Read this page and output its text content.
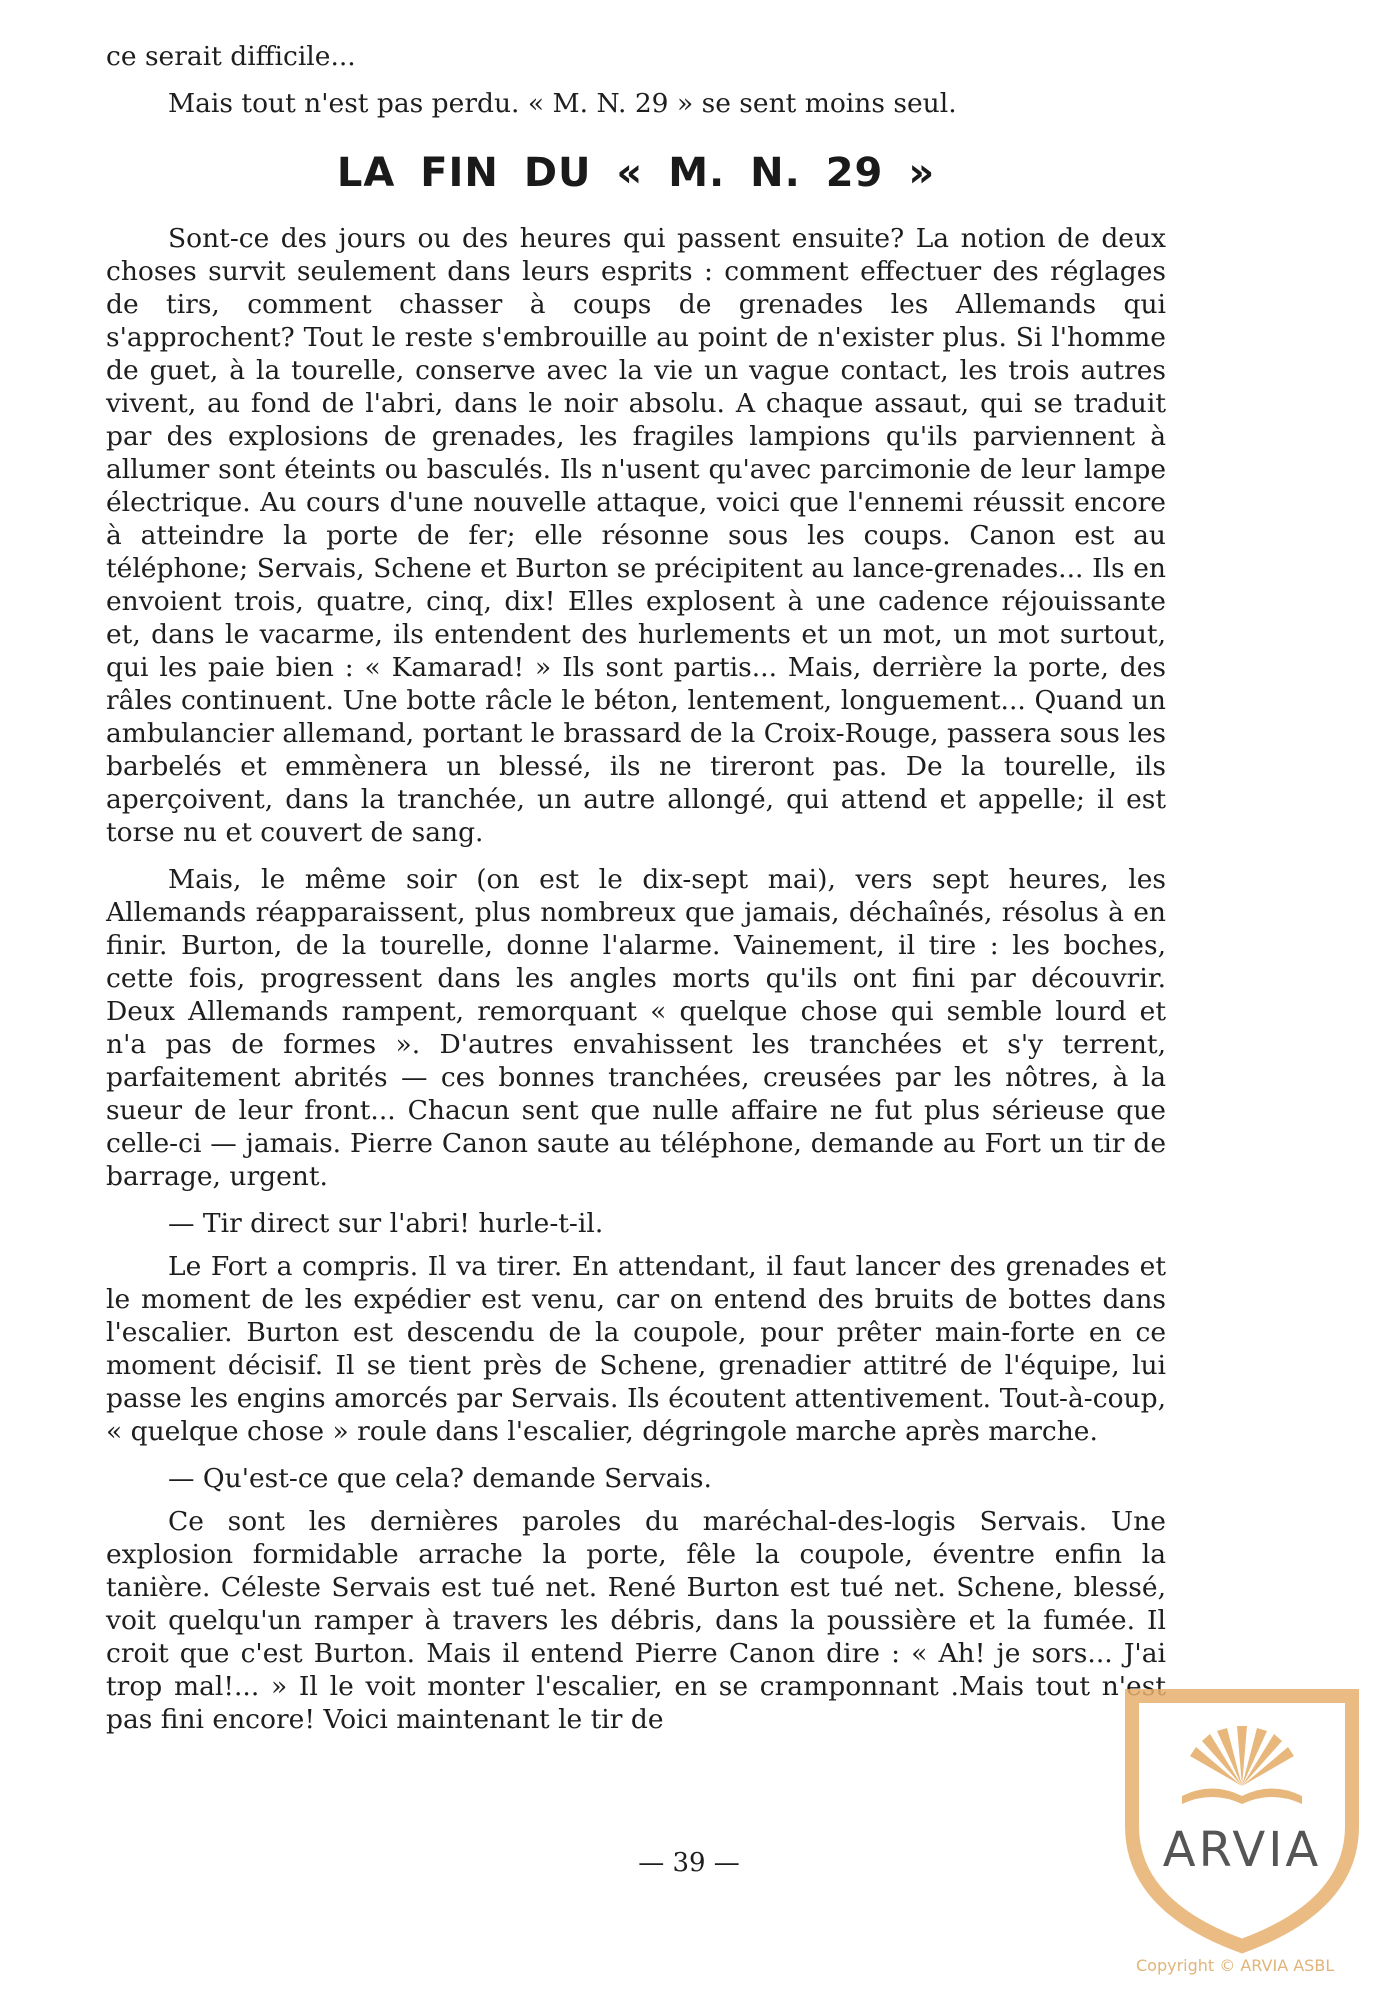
ce serait difficile...

Mais tout n'est pas perdu. « M. N. 29 » se sent moins seul.

LA FIN DU « M. N. 29 »

Sont-ce des jours ou des heures qui passent ensuite? La notion de deux choses survit seulement dans leurs esprits : comment effectuer des réglages de tirs, comment chasser à coups de grenades les Allemands qui s'approchent? Tout le reste s'embrouille au point de n'exister plus. Si l'homme de guet, à la tourelle, conserve avec la vie un vague contact, les trois autres vivent, au fond de l'abri, dans le noir absolu. A chaque assaut, qui se traduit par des explosions de grenades, les fragiles lampions qu'ils parviennent à allumer sont éteints ou basculés. Ils n'usent qu'avec parcimonie de leur lampe électrique. Au cours d'une nouvelle attaque, voici que l'ennemi réussit encore à atteindre la porte de fer; elle résonne sous les coups. Canon est au téléphone; Servais, Schene et Burton se précipitent au lance-grenades... Ils en envoient trois, quatre, cinq, dix! Elles explosent à une cadence réjouissante et, dans le vacarme, ils entendent des hurlements et un mot, un mot surtout, qui les paie bien : « Kamarad! » Ils sont partis... Mais, derrière la porte, des râles continuent. Une botte râcle le béton, lentement, longuement... Quand un ambulancier allemand, portant le brassard de la Croix-Rouge, passera sous les barbelés et emmènera un blessé, ils ne tireront pas. De la tourelle, ils aperçoivent, dans la tranchée, un autre allongé, qui attend et appelle; il est torse nu et couvert de sang.

Mais, le même soir (on est le dix-sept mai), vers sept heures, les Allemands réapparaissent, plus nombreux que jamais, déchaînés, résolus à en finir. Burton, de la tourelle, donne l'alarme. Vainement, il tire : les boches, cette fois, progressent dans les angles morts qu'ils ont fini par découvrir. Deux Allemands rampent, remorquant « quelque chose qui semble lourd et n'a pas de formes ». D'autres envahissent les tranchées et s'y terrent, parfaitement abrités — ces bonnes tranchées, creusées par les nôtres, à la sueur de leur front... Chacun sent que nulle affaire ne fut plus sérieuse que celle-ci — jamais. Pierre Canon saute au téléphone, demande au Fort un tir de barrage, urgent.

— Tir direct sur l'abri! hurle-t-il.

Le Fort a compris. Il va tirer. En attendant, il faut lancer des grenades et le moment de les expédier est venu, car on entend des bruits de bottes dans l'escalier. Burton est descendu de la coupole, pour prêter main-forte en ce moment décisif. Il se tient près de Schene, grenadier attitré de l'équipe, lui passe les engins amorcés par Servais. Ils écoutent attentivement. Tout-à-coup, « quelque chose » roule dans l'escalier, dégringole marche après marche.

— Qu'est-ce que cela? demande Servais.

Ce sont les dernières paroles du maréchal-des-logis Servais. Une explosion formidable arrache la porte, fêle la coupole, éventre enfin la tanière. Céleste Servais est tué net. René Burton est tué net. Schene, blessé, voit quelqu'un ramper à travers les débris, dans la poussière et la fumée. Il croit que c'est Burton. Mais il entend Pierre Canon dire : « Ah! je sors... J'ai trop mal!... » Il le voit monter l'escalier, en se cramponnant .Mais tout n'est pas fini encore! Voici maintenant le tir de

— 39 —	ARVIA
Copyright © ARVIA ASBL
